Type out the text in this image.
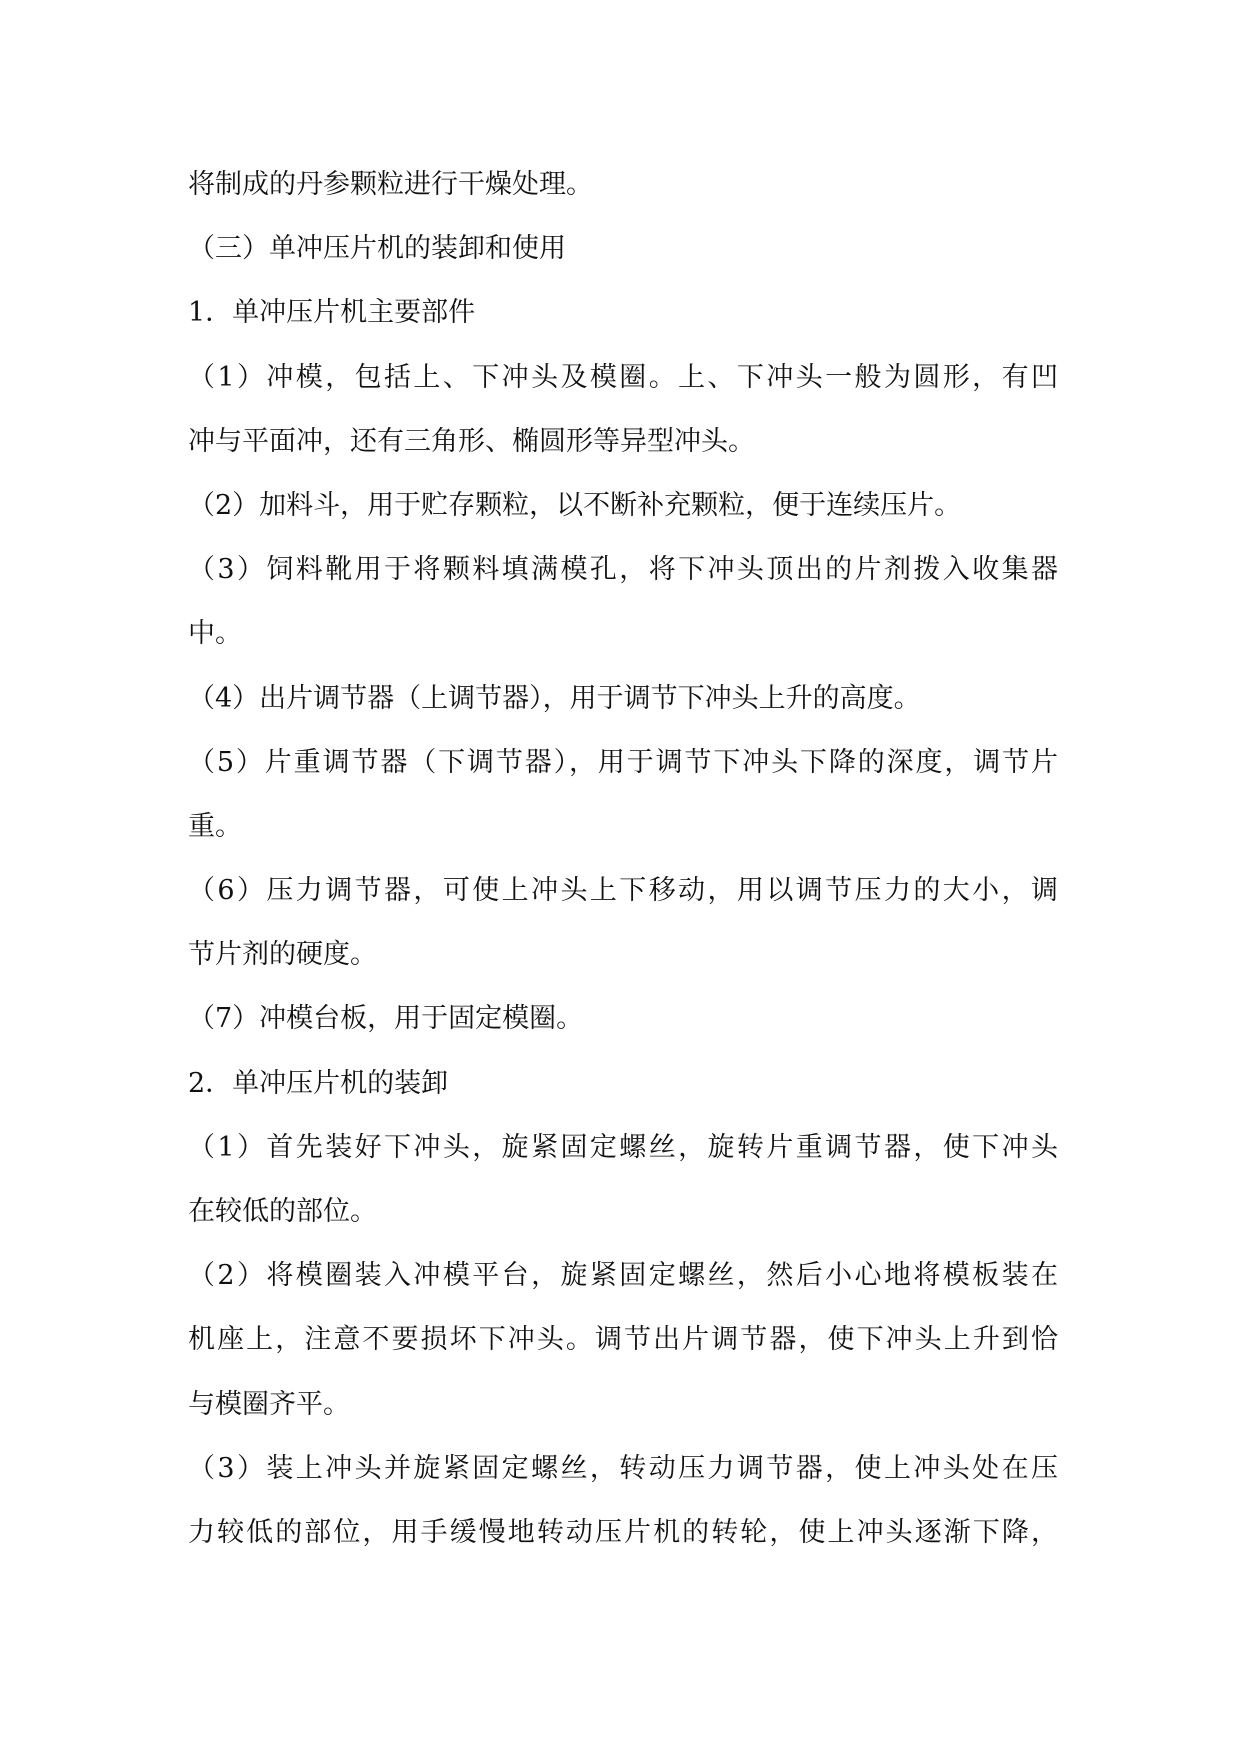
将制成的丹参颗粒进行干燥处理。
（三）单冲压片机的装卸和使用
1．单冲压片机主要部件
（1）冲模，包括上、下冲头及模圈。上、下冲头一般为圆形，有凹
冲与平面冲，还有三角形、椭圆形等异型冲头。
（2）加料斗，用于贮存颗粒，以不断补充颗粒，便于连续压片。
（3）饲料靴用于将颗料填满模孔，将下冲头顶出的片剂拨入收集器
中。
（4）出片调节器（上调节器），用于调节下冲头上升的高度。
（5）片重调节器（下调节器），用于调节下冲头下降的深度，调节片
重。
（6）压力调节器，可使上冲头上下移动，用以调节压力的大小，调
节片剂的硬度。
（7）冲模台板，用于固定模圈。
2．单冲压片机的装卸
（1）首先装好下冲头，旋紧固定螺丝，旋转片重调节器，使下冲头
在较低的部位。
（2）将模圈装入冲模平台，旋紧固定螺丝，然后小心地将模板装在
机座上，注意不要损坏下冲头。调节出片调节器，使下冲头上升到恰
与模圈齐平。
（3）装上冲头并旋紧固定螺丝，转动压力调节器，使上冲头处在压
力较低的部位，用手缓慢地转动压片机的转轮，使上冲头逐渐下降，
